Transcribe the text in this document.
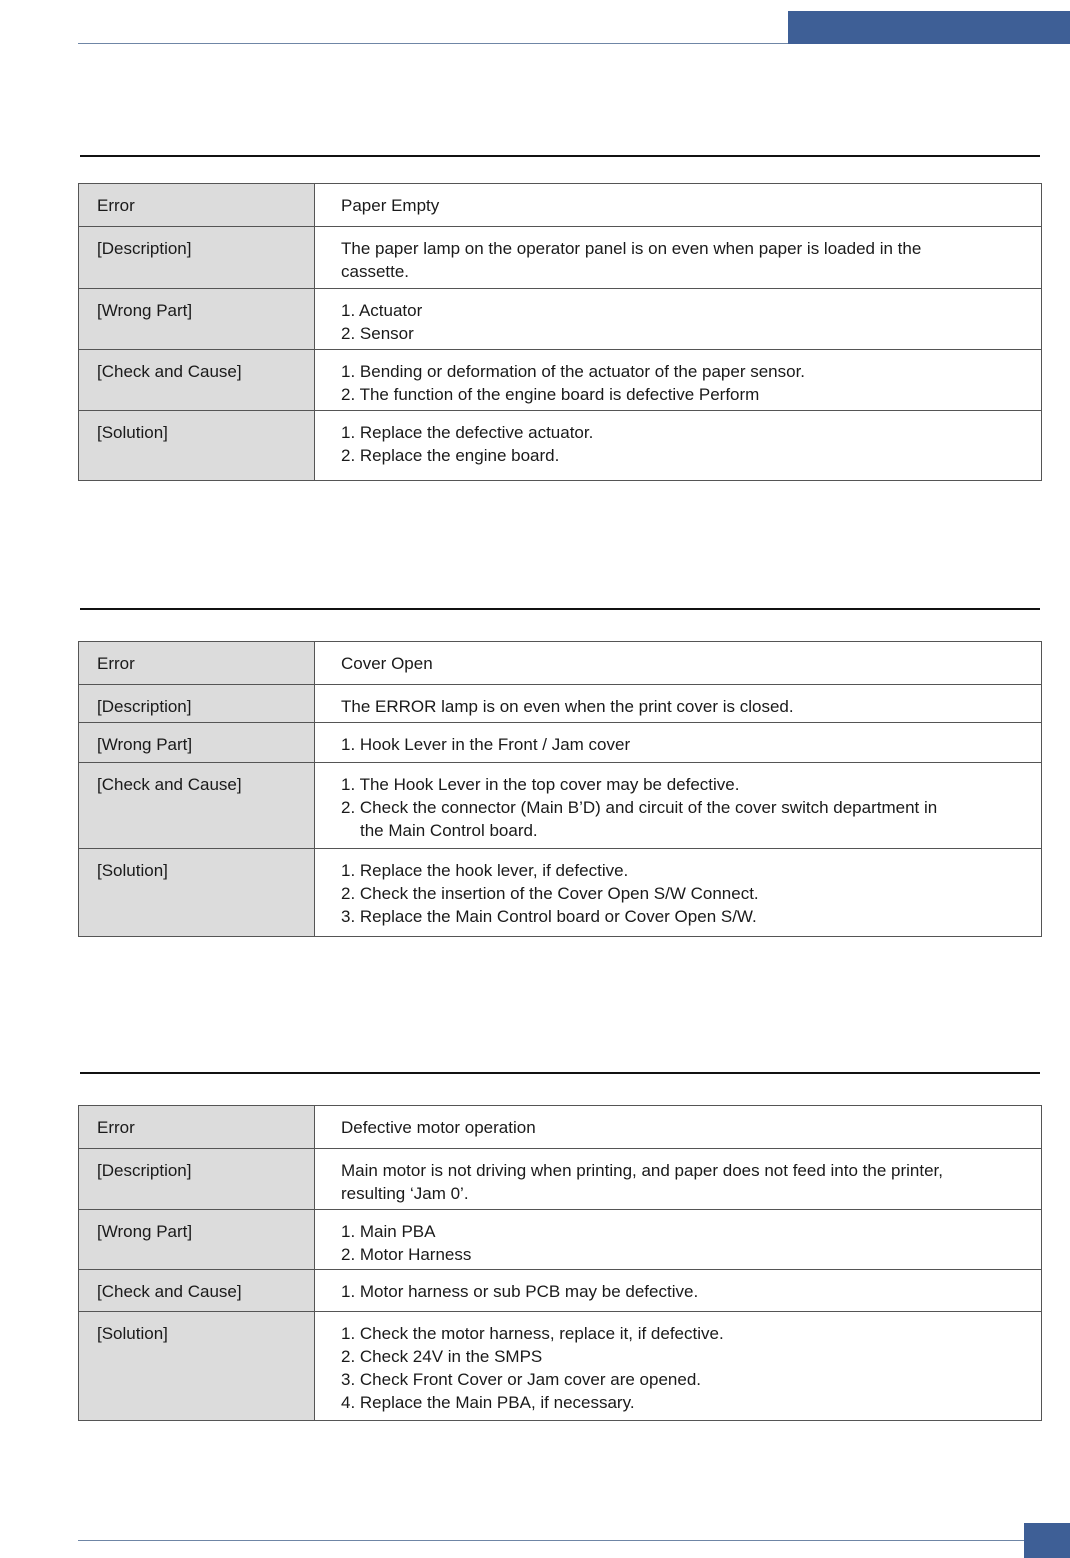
Error	Paper Empty

[Description]	The paper lamp on the operator panel is on even when paper is loaded in the
cassette.

[Wrong Part]	1. Actuator
2. Sensor

[Check and Cause]	1. Bending or deformation of the actuator of the paper sensor.
2. The function of the engine board is defective Perform

[Solution]	1. Replace the defective actuator.
2. Replace the engine board.
Error	Cover Open

[Description]	The ERROR lamp is on even when the print cover is closed.

[Wrong Part]	1. Hook Lever in the Front / Jam cover

[Check and Cause]	1. The Hook Lever in the top cover may be defective.
2. Check the connector (Main B’D) and circuit of the cover switch department in
the Main Control board.

[Solution]	1. Replace the hook lever, if defective.
2. Check the insertion of the Cover Open S/W Connect.
3. Replace the Main Control board or Cover Open S/W.
Error	Defective motor operation

[Description]	Main motor is not driving when printing, and paper does not feed into the printer,
resulting ‘Jam 0’.

[Wrong Part]	1. Main PBA
2. Motor Harness

[Check and Cause]	1. Motor harness or sub PCB may be defective.

[Solution]	1. Check the motor harness, replace it, if defective.
2. Check 24V in the SMPS
3. Check Front Cover or Jam cover are opened.
4. Replace the Main PBA, if necessary.
